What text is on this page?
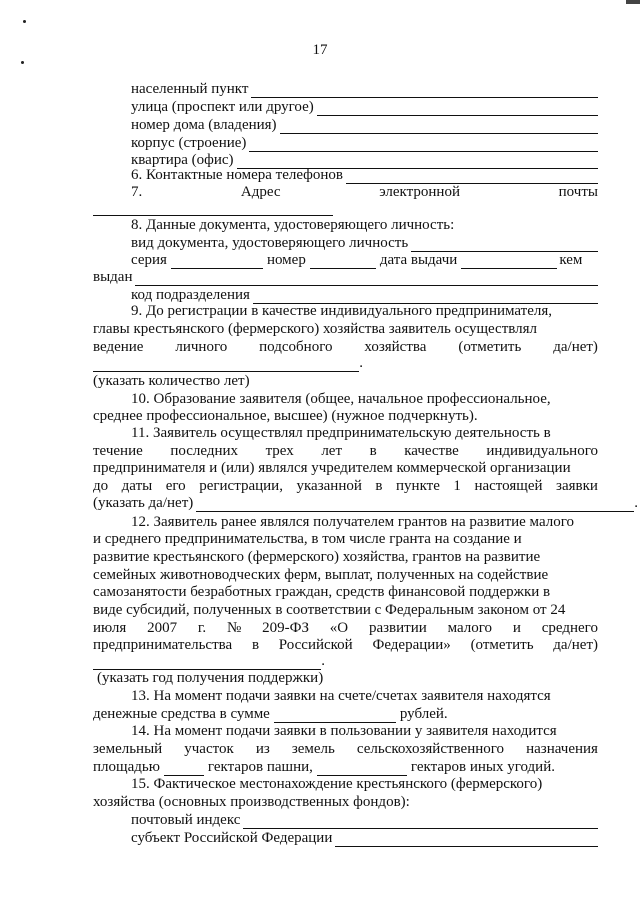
17
населенный пункт
улица (проспект или другое)
номер дома (владения)
корпус (строение)
квартира (офис)
6. Контактные номера телефонов
7.	Адрес	электронной	почты
8. Данные документа, удостоверяющего личность:
вид документа, удостоверяющего личность
серия	номер	дата выдачи	кем
выдан
код подразделения
9. До регистрации в качестве индивидуального предпринимателя,
главы крестьянского (фермерского) хозяйства заявитель осуществлял
ведение личного подсобного хозяйства (отметить да/нет)
.
(указать количество лет)
10. Образование заявителя (общее, начальное профессиональное,
среднее профессиональное, высшее) (нужное подчеркнуть).
11. Заявитель осуществлял предпринимательскую деятельность в
течение последних трех лет в качестве индивидуального
предпринимателя и (или) являлся учредителем коммерческой организации
до даты его регистрации, указанной в пункте 1 настоящей заявки
(указать да/нет)	.
12. Заявитель ранее являлся получателем грантов на развитие малого
и среднего предпринимательства, в том числе гранта на создание и
развитие крестьянского (фермерского) хозяйства, грантов на развитие
семейных животноводческих ферм, выплат, полученных на содействие
самозанятости безработных граждан, средств финансовой поддержки в
виде субсидий, полученных в соответствии с Федеральным законом от 24
июля 2007 г. № 209-ФЗ «О развитии малого и среднего
предпринимательства в Российской Федерации» (отметить да/нет)
.
(указать год получения поддержки)
13. На момент подачи заявки на счете/счетах заявителя находятся
денежные средства в сумме	рублей.
14. На момент подачи заявки в пользовании у заявителя находится
земельный участок из земель сельскохозяйственного назначения
площадью	гектаров пашни,	гектаров иных угодий.
15. Фактическое местонахождение крестьянского (фермерского)
хозяйства (основных производственных фондов):
почтовый индекс
субъект Российской Федерации
